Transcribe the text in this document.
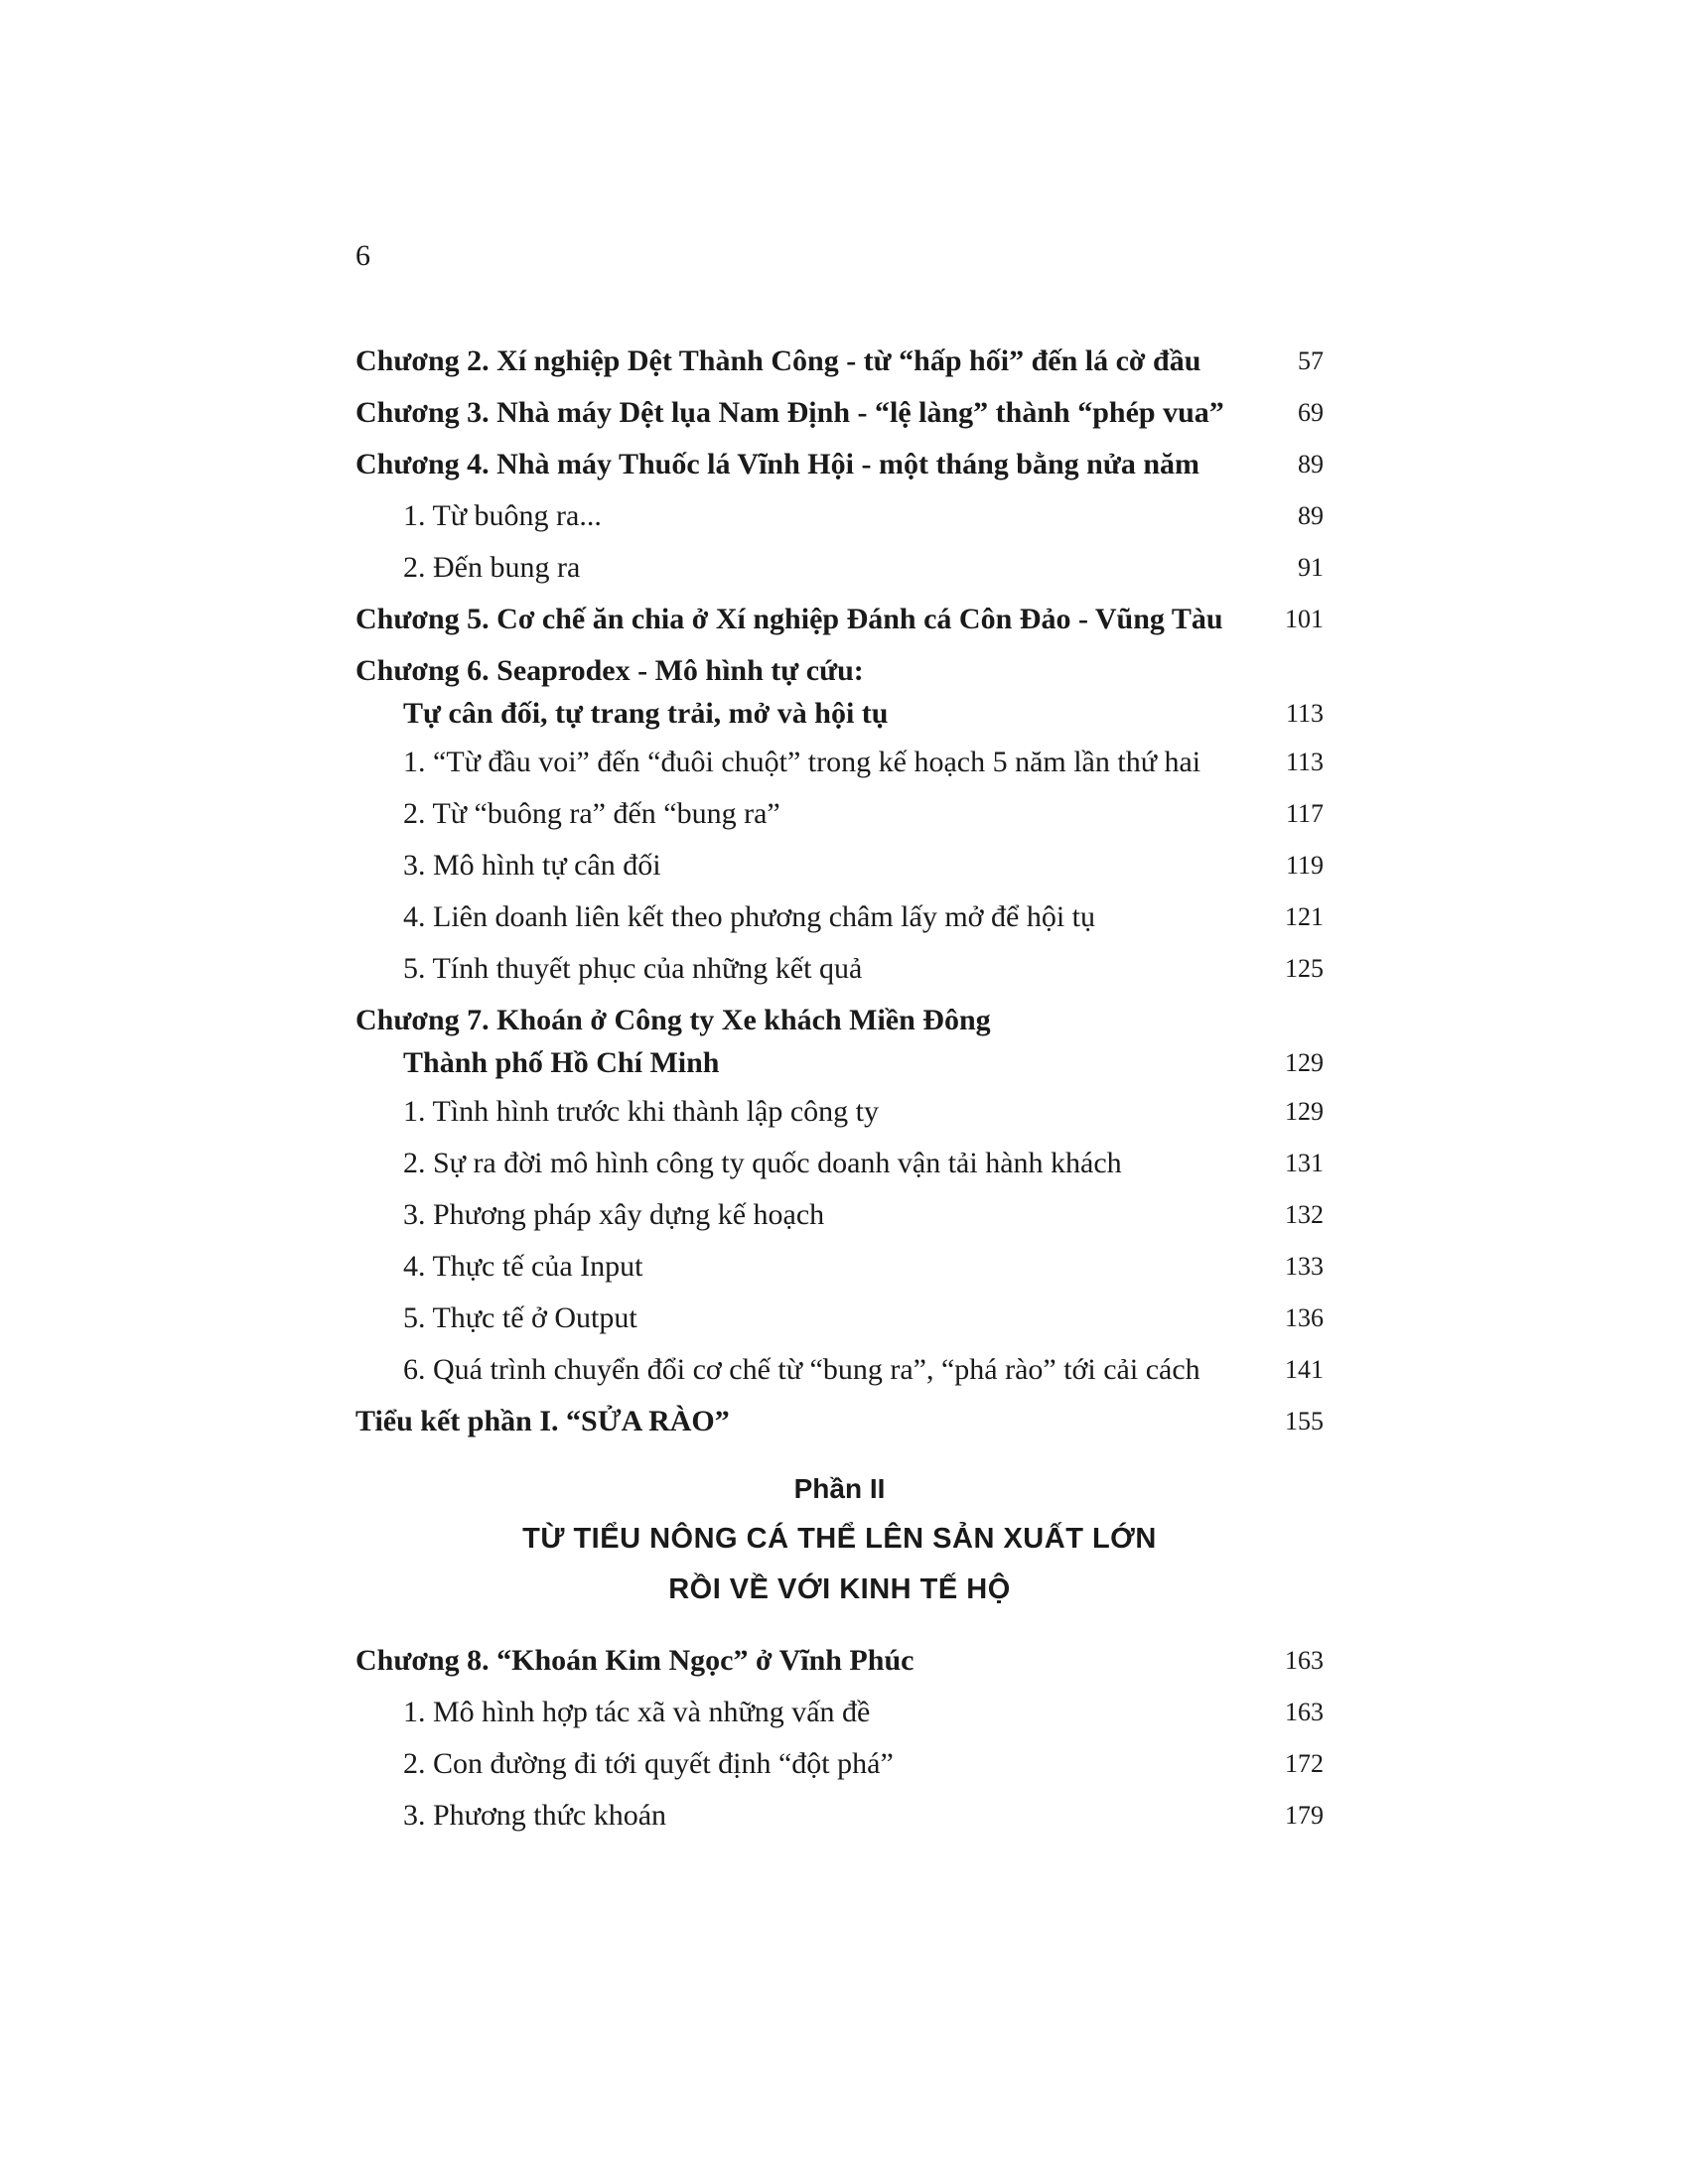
6
Chương 2. Xí nghiệp Dệt Thành Công - từ “hấp hối” đến lá cờ đầu	57
Chương 3. Nhà máy Dệt lụa Nam Định - “lệ làng” thành “phép vua”	69
Chương 4. Nhà máy Thuốc lá Vĩnh Hội - một tháng bằng nửa năm	89
1. Từ buông ra...	89
2. Đến bung ra	91
Chương 5. Cơ chế ăn chia ở Xí nghiệp Đánh cá Côn Đảo - Vũng Tàu 101
Chương 6. Seaprodex - Mô hình tự cứu:
Tự cân đối, tự trang trải, mở và hội tụ	113
1. “Từ đầu voi” đến “đuôi chuột” trong kế hoạch 5 năm lần thứ hai	113
2. Từ “buông ra” đến “bung ra”	117
3. Mô hình tự cân đối	119
4. Liên doanh liên kết theo phương châm lấy mở để hội tụ	121
5. Tính thuyết phục của những kết quả	125
Chương 7. Khoán ở Công ty Xe khách Miền Đông
Thành phố Hồ Chí Minh	129
1. Tình hình trước khi thành lập công ty	129
2. Sự ra đời mô hình công ty quốc doanh vận tải hành khách	131
3. Phương pháp xây dựng kế hoạch	132
4. Thực tế của Input	133
5. Thực tế ở Output	136
6. Quá trình chuyển đổi cơ chế từ “bung ra”, “phá rào” tới cải cách	141
Tiểu kết phần I. “SỬA RÀO”	155
Phần II
TỪ TIỂU NÔNG CÁ THỂ LÊN SẢN XUẤT LỚN
RỒI VỀ VỚI KINH TẾ HỘ
Chương 8. “Khoán Kim Ngọc” ở Vĩnh Phúc	163
1. Mô hình hợp tác xã và những vấn đề	163
2. Con đường đi tới quyết định “đột phá”	172
3. Phương thức khoán	179
